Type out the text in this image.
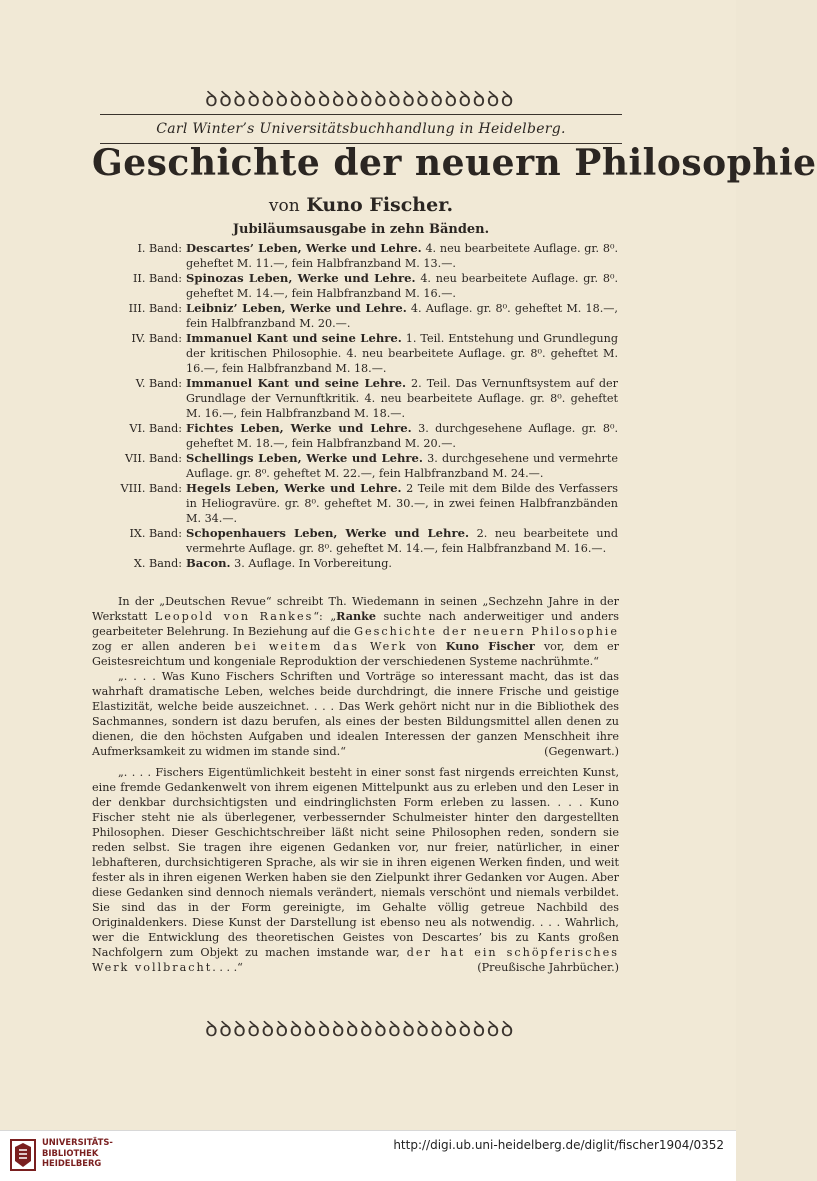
ꝺꝺꝺꝺꝺꝺꝺꝺꝺꝺꝺꝺꝺꝺꝺꝺꝺꝺꝺꝺꝺꝺ
Carl Winter’s Universitätsbuchhandlung in Heidelberg.
Geschichte der neuern Philosophie
von Kuno Fischer.
Jubiläumsausgabe in zehn Bänden.
I. Band: Descartes’ Leben, Werke und Lehre. 4. neu bearbeitete Auflage. gr. 8⁰. geheftet M. 11.—, fein Halbfranzband M. 13.—.
II. Band: Spinozas Leben, Werke und Lehre. 4. neu bearbeitete Auflage. gr. 8⁰. geheftet M. 14.—, fein Halbfranzband M. 16.—.
III. Band: Leibniz’ Leben, Werke und Lehre. 4. Auflage. gr. 8⁰. geheftet M. 18.—, fein Halbfranzband M. 20.—.
IV. Band: Immanuel Kant und seine Lehre. 1. Teil. Entstehung und Grundlegung der kritischen Philosophie. 4. neu bearbeitete Auflage. gr. 8⁰. geheftet M. 16.—, fein Halbfranzband M. 18.—.
V. Band: Immanuel Kant und seine Lehre. 2. Teil. Das Vernunftsystem auf der Grundlage der Vernunftkritik. 4. neu bearbeitete Auflage. gr. 8⁰. geheftet M. 16.—, fein Halbfranzband M. 18.—.
VI. Band: Fichtes Leben, Werke und Lehre. 3. durchgesehene Auflage. gr. 8⁰. geheftet M. 18.—, fein Halbfranzband M. 20.—.
VII. Band: Schellings Leben, Werke und Lehre. 3. durchgesehene und vermehrte Auflage. gr. 8⁰. geheftet M. 22.—, fein Halbfranzband M. 24.—.
VIII. Band: Hegels Leben, Werke und Lehre. 2 Teile mit dem Bilde des Verfassers in Heliogravüre. gr. 8⁰. geheftet M. 30.—, in zwei feinen Halbfranzbänden M. 34.—.
IX. Band: Schopenhauers Leben, Werke und Lehre. 2. neu bearbeitete und vermehrte Auflage. gr. 8⁰. geheftet M. 14.—, fein Halbfranzband M. 16.—.
X. Band: Bacon. 3. Auflage. In Vorbereitung.

In der „Deutschen Revue“ schreibt Th. Wiedemann in seinen „Sechzehn Jahre in der Werkstatt Leopold von Rankes“: „Ranke suchte nach anderweitiger und anders gearbeiteter Belehrung. In Beziehung auf die Geschichte der neuern Philosophie zog er allen anderen bei weitem das Werk von Kuno Fischer vor, dem er Geistesreichtum und kongeniale Reproduktion der verschiedenen Systeme nachrühmte.“

„. . . . Was Kuno Fischers Schriften und Vorträge so interessant macht, das ist das wahrhaft dramatische Leben, welches beide durchdringt, die innere Frische und geistige Elastizität, welche beide auszeichnet. . . . Das Werk gehört nicht nur in die Bibliothek des Sachmannes, sondern ist dazu berufen, als eines der besten Bildungsmittel allen denen zu dienen, die den höchsten Aufgaben und idealen Interessen der ganzen Menschheit ihre Aufmerksamkeit zu widmen im stande sind.“	(Gegenwart.)

„. . . . Fischers Eigentümlichkeit besteht in einer sonst fast nirgends erreichten Kunst, eine fremde Gedankenwelt von ihrem eigenen Mittelpunkt aus zu erleben und den Leser in der denkbar durchsichtigsten und eindringlichsten Form erleben zu lassen. . . . Kuno Fischer steht nie als überlegener, verbessernder Schulmeister hinter den dargestellten Philosophen. Dieser Geschichtschreiber läßt nicht seine Philosophen reden, sondern sie reden selbst. Sie tragen ihre eigenen Gedanken vor, nur freier, natürlicher, in einer lebhafteren, durchsichtigeren Sprache, als wir sie in ihren eigenen Werken finden, und weit fester als in ihren eigenen Werken haben sie den Zielpunkt ihrer Gedanken vor Augen. Aber diese Gedanken sind dennoch niemals verändert, niemals verschönt und niemals verbildet. Sie sind das in der Form gereinigte, im Gehalte völlig getreue Nachbild des Originaldenkers. Diese Kunst der Darstellung ist ebenso neu als notwendig. . . . Wahrlich, wer die Entwicklung des theoretischen Geistes von Descartes’ bis zu Kants großen Nachfolgern zum Objekt zu machen imstande war, der hat ein schöpferisches Werk vollbracht. . . .“	(Preußische Jahrbücher.)

ꝺꝺꝺꝺꝺꝺꝺꝺꝺꝺꝺꝺꝺꝺꝺꝺꝺꝺꝺꝺꝺꝺ
UNIVERSITÄTS-
BIBLIOTHEK
HEIDELBERG
http://digi.ub.uni-heidelberg.de/diglit/fischer1904/0352
